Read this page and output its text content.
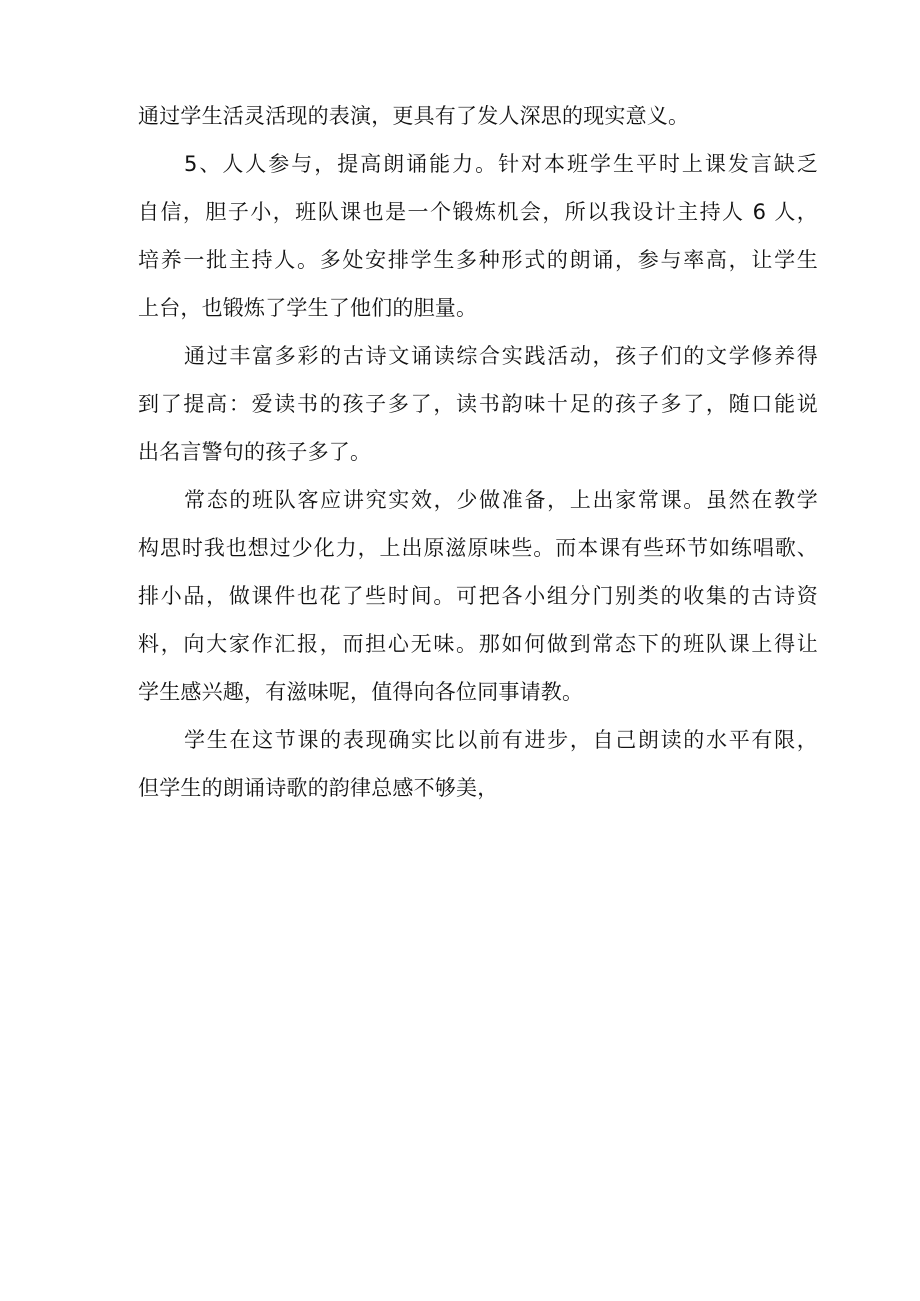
通过学生活灵活现的表演，更具有了发人深思的现实意义。
5、人人参与，提高朗诵能力。针对本班学生平时上课发言缺乏
自信，胆子小，班队课也是一个锻炼机会，所以我设计主持人 6 人，
培养一批主持人。多处安排学生多种形式的朗诵，参与率高，让学生
上台，也锻炼了学生了他们的胆量。
通过丰富多彩的古诗文诵读综合实践活动，孩子们的文学修养得
到了提高：爱读书的孩子多了，读书韵味十足的孩子多了，随口能说
出名言警句的孩子多了。
常态的班队客应讲究实效，少做准备，上出家常课。虽然在教学
构思时我也想过少化力，上出原滋原味些。而本课有些环节如练唱歌、
排小品，做课件也花了些时间。可把各小组分门别类的收集的古诗资
料，向大家作汇报，而担心无味。那如何做到常态下的班队课上得让
学生感兴趣，有滋味呢，值得向各位同事请教。
学生在这节课的表现确实比以前有进步，自己朗读的水平有限，
但学生的朗诵诗歌的韵律总感不够美，
